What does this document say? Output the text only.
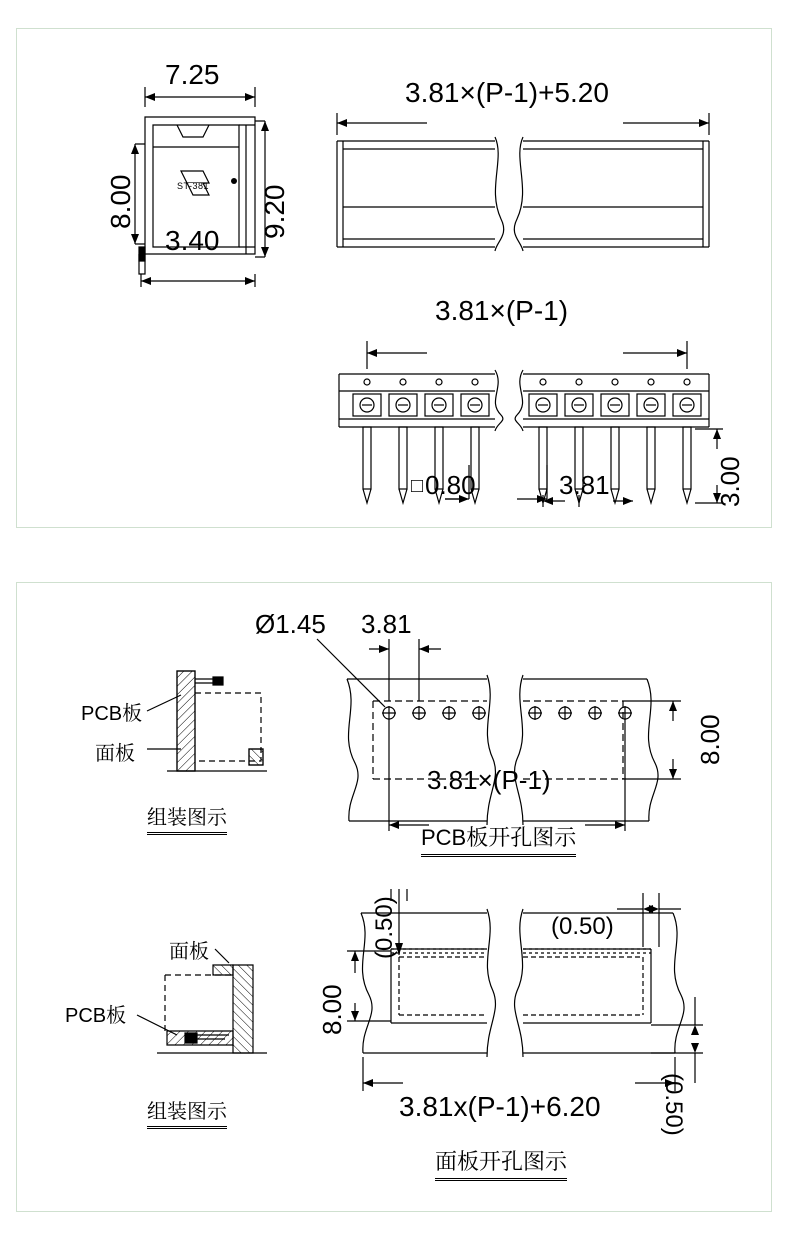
7.25
8.00	9.20
3.40
ST-381
3.81×(P-1)+5.20
3.81×(P-1)
□ 0.80	3.81	3.00
PCB板
面板
组装图示
Ø1.45 3.81
8.00
3.81×(P-1)
PCB板开孔图示
面板
PCB板
组装图示
(0.50)	(0.50)
8.00
3.81x(P-1)+6.20 (0.50)
面板开孔图示
